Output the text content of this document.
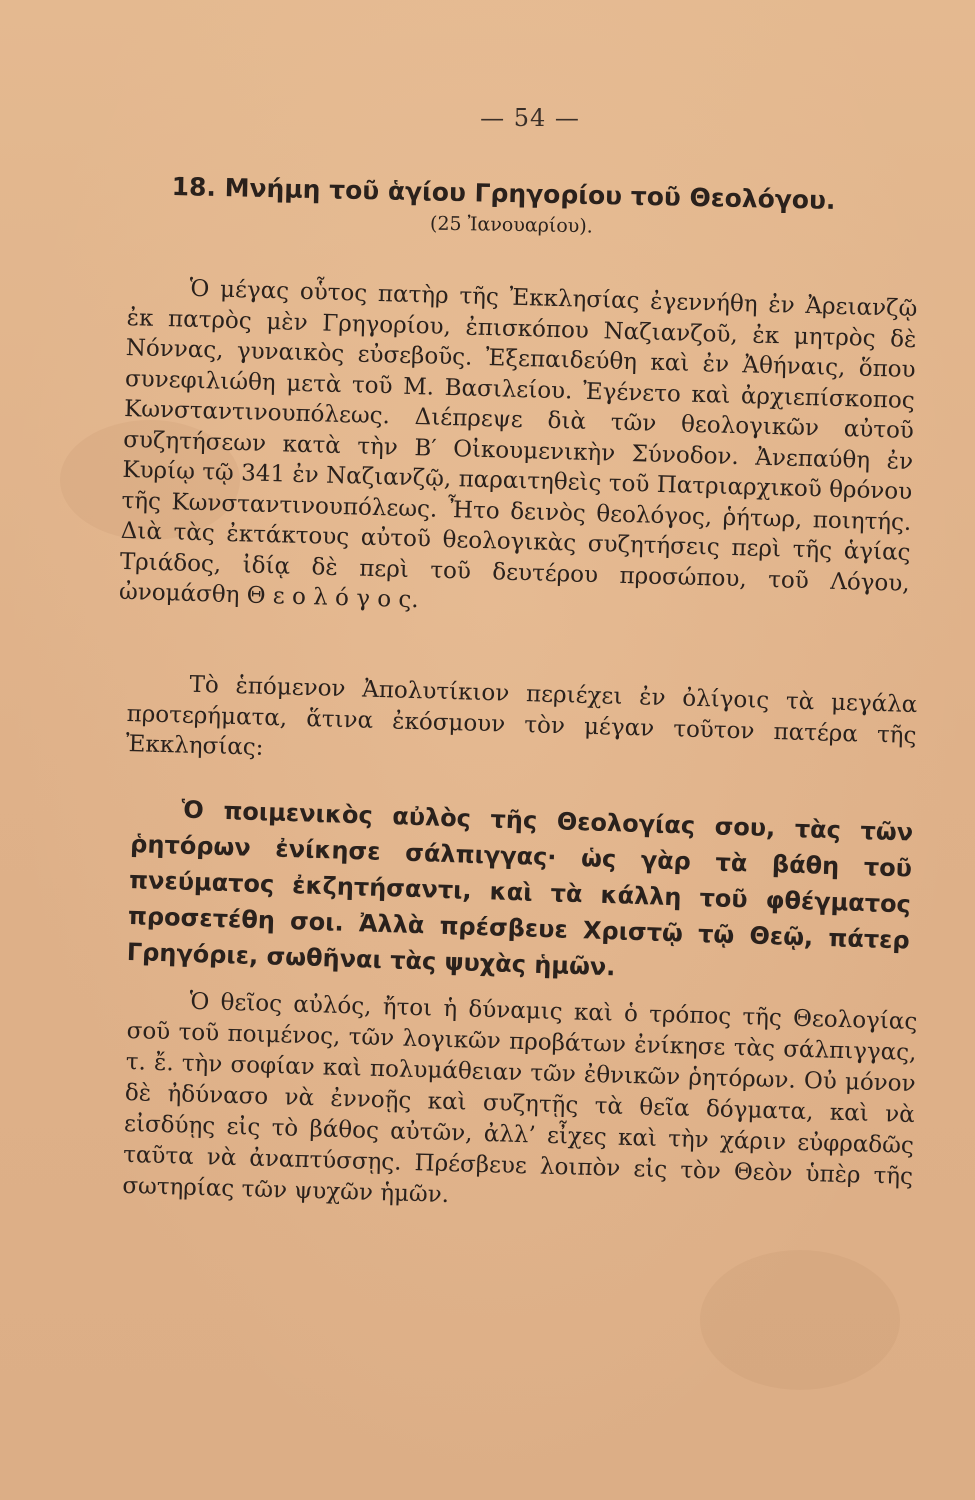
— 54 —
18. Μνήμη τοῦ ἁγίου Γρηγορίου τοῦ Θεολόγου.
(25 Ἰανουαρίου).

Ὁ μέγας οὗτος πατὴρ τῆς Ἐκκλησίας ἐγεννήθη ἐν Ἀρειανζῷ ἐκ πατρὸς μὲν Γρηγορίου, ἐπισκόπου Ναζιανζοῦ, ἐκ μητρὸς δὲ Νόννας, γυναικὸς εὐσεβοῦς. Ἐξεπαιδεύθη καὶ ἐν Ἀθήναις, ὅπου συνεφιλιώθη μετὰ τοῦ Μ. Βασιλείου. Ἐγένετο καὶ ἀρχιεπίσκοπος Κωνσταντινουπόλεως. Διέπρεψε διὰ τῶν θεολογικῶν αὐτοῦ συζητήσεων κατὰ τὴν Β′ Οἰκουμενικὴν Σύνοδον. Ἀνεπαύθη ἐν Κυρίῳ τῷ 341 ἐν Ναζιανζῷ, παραιτηθεὶς τοῦ Πατριαρχικοῦ θρόνου τῆς Κωνσταντινουπόλεως. Ἦτο δεινὸς θεολόγος, ῥήτωρ, ποιητής. Διὰ τὰς ἐκτάκτους αὐτοῦ θεολογικὰς συζητήσεις περὶ τῆς ἁγίας Τριάδος, ἰδίᾳ δὲ περὶ τοῦ δευτέρου προσώπου, τοῦ Λόγου, ὠνομάσθη Θ ε ο λ ό γ ο ς.

Τὸ ἑπόμενον Ἀπολυτίκιον περιέχει ἐν ὀλίγοις τὰ μεγάλα προτερήματα, ἅτινα ἐκόσμουν τὸν μέγαν τοῦτον πατέρα τῆς Ἐκκλησίας:

Ὁ ποιμενικὸς αὐλὸς τῆς Θεολογίας σου, τὰς τῶν ῥητόρων ἐνίκησε σάλπιγγας· ὡς γὰρ τὰ βάθη τοῦ πνεύματος ἐκζητήσαντι, καὶ τὰ κάλλη τοῦ φθέγματος προσετέθη σοι. Ἀλλὰ πρέσβευε Χριστῷ τῷ Θεῷ, πάτερ Γρηγόριε, σωθῆναι τὰς ψυχὰς ἡμῶν.

Ὁ θεῖος αὐλός, ἤτοι ἡ δύναμις καὶ ὁ τρόπος τῆς Θεολογίας σοῦ τοῦ ποιμένος, τῶν λογικῶν προβάτων ἐνίκησε τὰς σάλπιγγας, τ. ἔ. τὴν σοφίαν καὶ πολυμάθειαν τῶν ἐθνικῶν ῥητόρων. Οὐ μόνον δὲ ἠδύνασο νὰ ἐννοῇς καὶ συζητῇς τὰ θεῖα δόγματα, καὶ νὰ εἰσδύῃς εἰς τὸ βάθος αὐτῶν, ἀλλ’ εἶχες καὶ τὴν χάριν εὐφραδῶς ταῦτα νὰ ἀναπτύσσῃς. Πρέσβευε λοιπὸν εἰς τὸν Θεὸν ὑπὲρ τῆς σωτηρίας τῶν ψυχῶν ἡμῶν.
